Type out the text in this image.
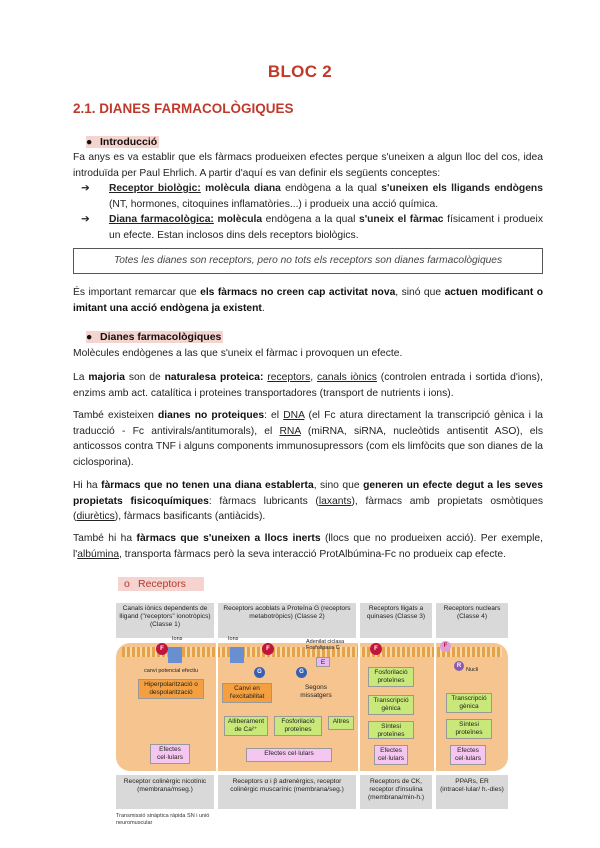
BLOC 2
2.1. DIANES FARMACOLÒGIQUES
● Introducció
Fa anys es va establir que els fàrmacs produeixen efectes perque s'uneixen a algun lloc del cos, idea introduïda per Paul Ehrlich. A partir d'aquí es van definir els següents conceptes:
➔	Receptor biològic: molècula diana endògena a la qual s'uneixen els lligands endògens (NT, hormones, citoquines inflamatòries...) i produeix una acció química.
➔	Diana farmacològica: molècula endògena a la qual s'uneix el fàrmac físicament i produeix un efecte. Estan inclosos dins dels receptors biològics.
Totes les dianes son receptors, pero no tots els receptors son dianes farmacològiques
És important remarcar que els fàrmacs no creen cap activitat nova, sinó que actuen modificant o imitant una acció endògena ja existent.
● Dianes farmacològiques
Molècules endògenes a las que s'uneix el fàrmac i provoquen un efecte.
La majoria son de naturalesa proteica: receptors, canals iònics (controlen entrada i sortida d'ions), enzims amb act. catalítica i proteines transportadores (transport de nutrients i ions).
També existeixen dianes no proteiques: el DNA (el Fc atura directament la transcripció gènica i la traducció - Fc antivirals/antitumorals), el RNA (miRNA, siRNA, nucleòtids antisentit ASO), els anticossos contra TNF i alguns components immunosupressors (com els limfòcits que son dianes de la ciclosporina).
Hi ha fàrmacs que no tenen una diana establerta, sino que generen un efecte degut a les seves propietats fisicoquímiques: fàrmacs lubricants (laxants), fàrmacs amb propietats osmòtiques (diurètics), fàrmacs basificants (antiàcids).
També hi ha fàrmacs que s'uneixen a llocs inerts (llocs que no produeixen acció). Per exemple, l'albúmina, transporta fàrmacs però la seva interacció ProtAlbúmina-Fc no produeix cap efecte.
o Receptors
Canals iònics dependents de lligand ("receptors" ionotròpics) (Classe 1)
Receptors acoblats a Proteïna G (receptors metabotròpics) (Classe 2)
Receptors lligats a quinases (Classe 3)
Receptors nuclears (Classe 4)
Ions
F
canvi potencial efectiu
Hiperpolarització o despolarització
Efectes cel·lulars
Ions
F
G	G
Adenilat ciclasa Fosfolipasa C
E
Canvi en l'excitabilitat
Segons missatgers
Alliberament de Ca²⁺
Fosforilació proteïnes
Altres
Efectes cel·lulars
F
Fosforilació proteïnes
Transcripció gènica
Síntesi proteïnes
Efectes cel·lulars
F
R
Nucli
Transcripció gènica
Síntesi proteïnes
Efectes cel·lulars
Receptor colinèrgic nicotínic (membrana/mseg.)
Receptors α i β adrenèrgics, receptor colinèrgic muscarínic (membrana/seg.)
Receptors de CK, receptor d'insulina (membrana/min-h.)
PPARs, ER (intracel·lular/ h.-dies)
Transmissió sinàptica ràpida SN i unió neuromuscular
